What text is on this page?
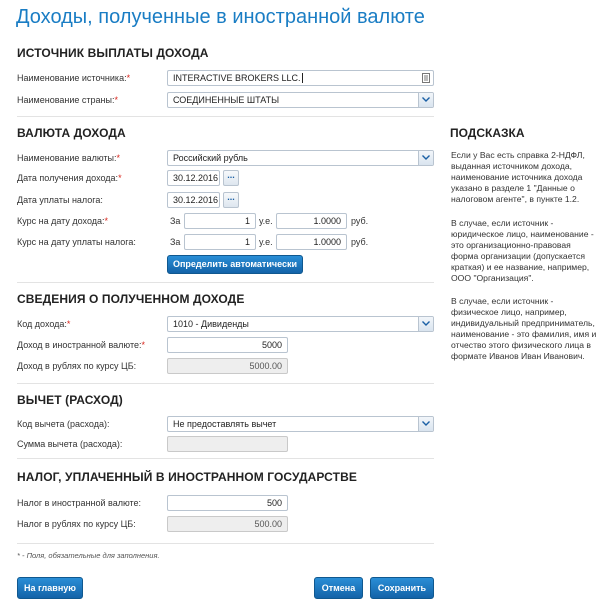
Доходы, полученные в иностранной валюте
ИСТОЧНИК ВЫПЛАТЫ ДОХОДА
Наименование источника:*	INTERACTIVE BROKERS LLC.
Наименование страны:*	СОЕДИНЕННЫЕ ШТАТЫ
ВАЛЮТА ДОХОДА
Наименование валюты:*	Российский рубль
Дата получения дохода:*	30.12.2016	...
Дата уплаты налога:	30.12.2016	...
Курс на дату дохода:*	За	1	у.е.	1.0000	руб.
Курс на дату уплаты налога:	За	1	у.е.	1.0000	руб.
Определить автоматически
СВЕДЕНИЯ О ПОЛУЧЕННОМ ДОХОДЕ
Код дохода:*	1010 - Дивиденды
Доход в иностранной валюте:*	5000
Доход в рублях по курсу ЦБ:	5000.00
ВЫЧЕТ (РАСХОД)
Код вычета (расхода):	Не предоставлять вычет
Сумма вычета (расхода):
НАЛОГ, УПЛАЧЕННЫЙ В ИНОСТРАННОМ ГОСУДАРСТВЕ
Налог в иностранной валюте:	500
Налог в рублях по курсу ЦБ:	500.00
* - Поля, обязательные для заполнения.
На главную	Отмена	Сохранить
ПОДСКАЗКА
Если у Вас есть справка 2-НДФЛ, выданная источником дохода, наименование источника дохода указано в разделе 1 "Данные о налоговом агенте", в пункте 1.2.
В случае, если источник - юридическое лицо, наименование - это организационно-правовая форма организации (допускается краткая) и ее название, например, ООО "Организация".
В случае, если источник - физическое лицо, например, индивидуальный предприниматель, наименование - это фамилия, имя и отчество этого физического лица в формате Иванов Иван Иванович.
